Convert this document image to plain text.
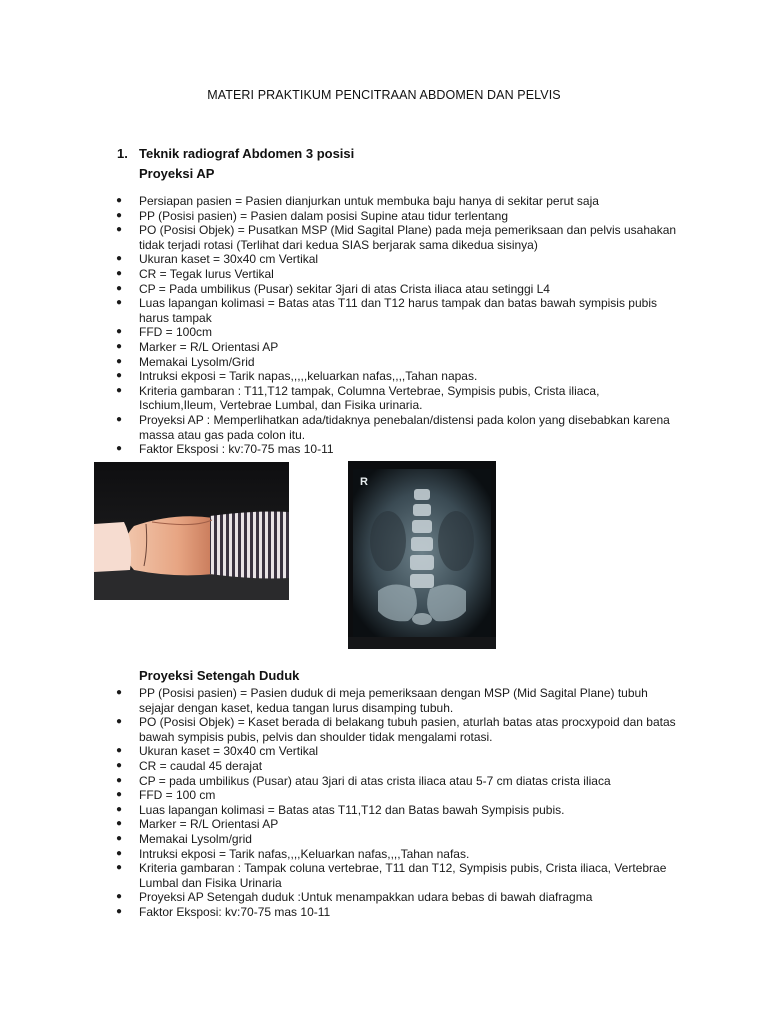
MATERI PRAKTIKUM PENCITRAAN ABDOMEN DAN PELVIS
1. Teknik radiograf Abdomen 3 posisi
Proyeksi AP
● Persiapan pasien = Pasien dianjurkan untuk membuka baju hanya di sekitar perut saja
● PP (Posisi pasien) = Pasien dalam posisi Supine atau tidur terlentang
● PO (Posisi Objek) = Pusatkan MSP (Mid Sagital Plane) pada meja pemeriksaan dan pelvis usahakan tidak terjadi rotasi (Terlihat dari kedua SIAS berjarak sama dikedua sisinya)
● Ukuran kaset = 30x40 cm Vertikal
● CR = Tegak lurus Vertikal
● CP = Pada umbilikus (Pusar) sekitar 3jari di atas Crista iliaca atau setinggi L4
● Luas lapangan kolimasi = Batas atas T11 dan T12 harus tampak dan batas bawah sympisis pubis harus tampak
● FFD = 100cm
● Marker = R/L Orientasi AP
● Memakai Lysolm/Grid
● Intruksi ekposi = Tarik napas,,,,,keluarkan nafas,,,,Tahan napas.
● Kriteria gambaran : T11,T12 tampak, Columna Vertebrae, Sympisis pubis, Crista iliaca, Ischium,Ileum, Vertebrae Lumbal, dan Fisika urinaria.
● Proyeksi AP : Memperlihatkan ada/tidaknya penebalan/distensi pada kolon yang disebabkan karena massa atau gas pada colon itu.
● Faktor Eksposi : kv:70-75 mas 10-11
R
Proyeksi Setengah Duduk
● PP (Posisi pasien) = Pasien duduk di meja pemeriksaan dengan MSP (Mid Sagital Plane) tubuh sejajar dengan kaset, kedua tangan lurus disamping tubuh.
● PO (Posisi Objek) = Kaset berada di belakang tubuh pasien, aturlah batas atas procxypoid dan batas bawah sympisis pubis, pelvis dan shoulder tidak mengalami rotasi.
● Ukuran kaset = 30x40 cm Vertikal
● CR = caudal 45 derajat
● CP = pada umbilikus (Pusar) atau 3jari di atas crista iliaca atau 5-7 cm diatas crista iliaca
● FFD = 100 cm
● Luas lapangan kolimasi = Batas atas T11,T12 dan Batas bawah Sympisis pubis.
● Marker = R/L Orientasi AP
● Memakai Lysolm/grid
● Intruksi ekposi = Tarik nafas,,,,Keluarkan nafas,,,,Tahan nafas.
● Kriteria gambaran : Tampak coluna vertebrae, T11 dan T12, Sympisis pubis, Crista iliaca, Vertebrae Lumbal dan Fisika Urinaria
● Proyeksi AP Setengah duduk :Untuk menampakkan udara bebas di bawah diafragma
● Faktor Eksposi: kv:70-75 mas 10-11
